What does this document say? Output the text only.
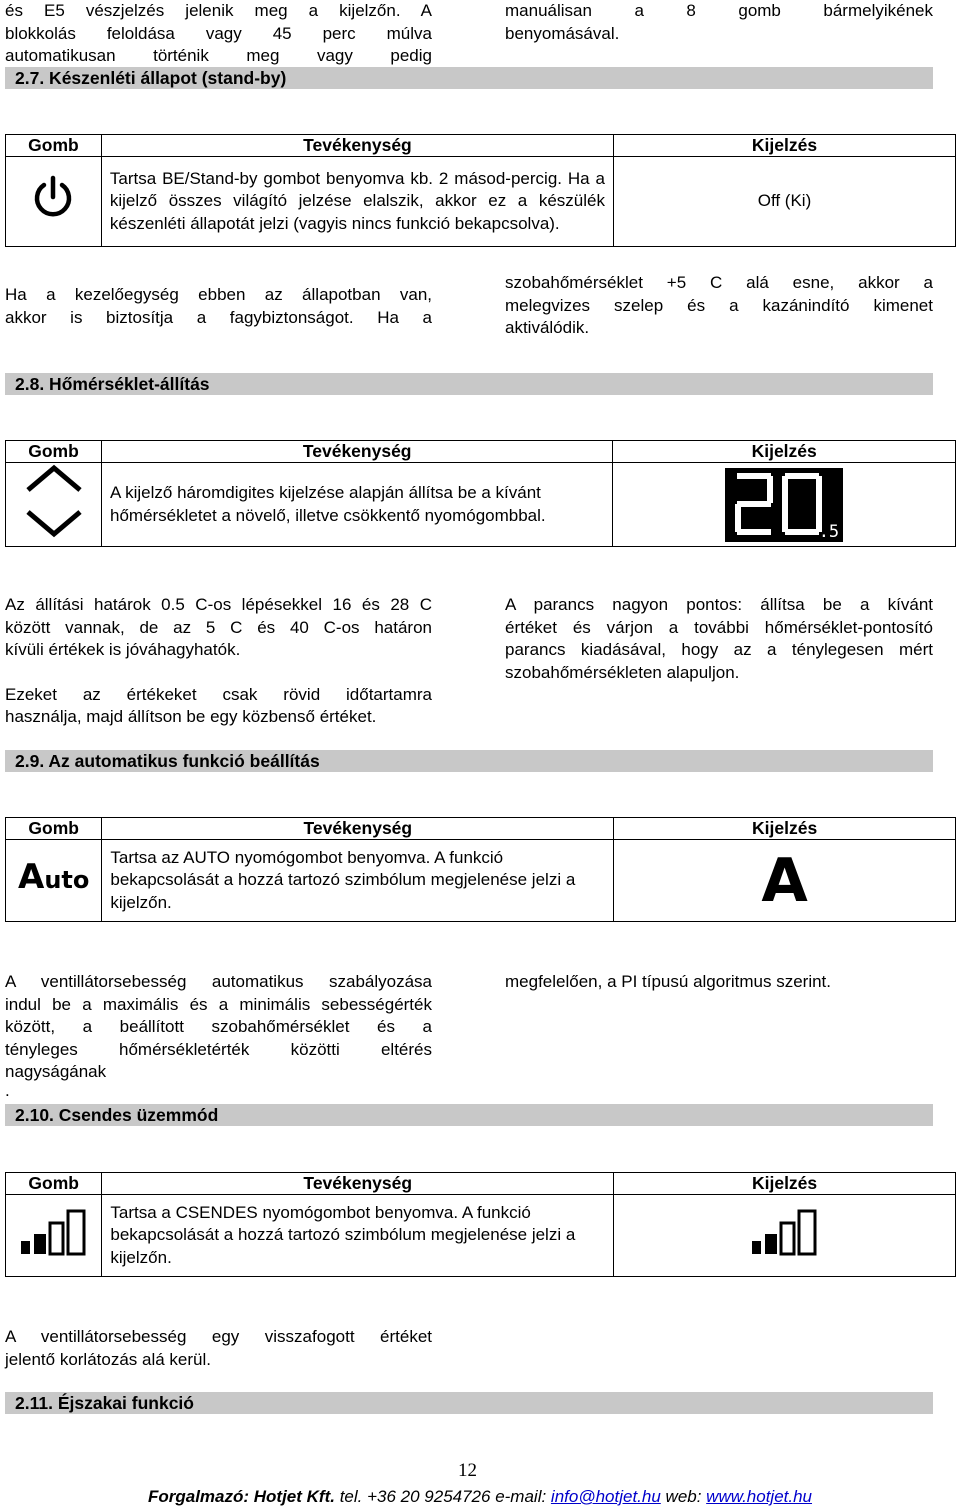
és E5 vészjelzés jelenik meg a kijelzőn. A
blokkolás feloldása vagy 45 perc múlva
automatikusan történik meg vagy pedig
manuálisan a 8 gomb bármelyikének
benyomásával.
2.7. Készenléti állapot (stand-by)
Gomb	Tevékenység	Kijelzés
	Tartsa BE/Stand-by gombot benyomva kb. 2 másod-percig. Ha a kijelző összes világító jelzése elalszik, akkor ez a készülék készenléti állapotát jelzi (vagyis nincs funkció bekapcsolva).	Off (Ki)
Ha a kezelőegység ebben az állapotban van,
akkor is biztosítja a fagybiztonságot. Ha a
szobahőmérséklet +5 C alá esne, akkor a
melegvizes szelep és a kazánindító kimenet
aktiválódik.
2.8. Hőmérséklet-állítás
Gomb	Tevékenység	Kijelzés
	A kijelző háromdigites kijelzése alapján állítsa be a kívánt hőmérsékletet a növelő, illetve csökkentő nyomógombbal.	.5
Az állítási határok 0.5 C-os lépésekkel 16 és 28 C
között vannak, de az 5 C és 40 C-os határon
kívüli értékek is jóváhagyhatók.
Ezeket az értékeket csak rövid időtartamra
használja, majd állítson be egy közbenső értéket.
A parancs nagyon pontos: állítsa be a kívánt
értéket és várjon a további hőmérséklet-pontosító
parancs kiadásával, hogy az a ténylegesen mért
szobahőmérsékleten alapuljon.
2.9. Az automatikus funkció beállítás
Gomb	Tevékenység	Kijelzés
Auto	Tartsa az AUTO nyomógombot benyomva. A funkció bekapcsolását a hozzá tartozó szimbólum megjelenése jelzi a kijelzőn.	A
A ventillátorsebesség automatikus szabályozása
indul be a maximális és a minimális sebességérték
között, a beállított szobahőmérséklet és a
tényleges hőmérsékletérték közötti eltérés
nagyságának
.
megfelelően, a PI típusú algoritmus szerint.
2.10. Csendes üzemmód
Gomb	Tevékenység	Kijelzés
	Tartsa a CSENDES nyomógombot benyomva. A funkció bekapcsolását a hozzá tartozó szimbólum megjelenése jelzi a kijelzőn.	
A ventillátorsebesség egy visszafogott értéket
jelentő korlátozás alá kerül.
2.11. Éjszakai funkció
12
Forgalmazó: Hotjet Kft. tel. +36 20 9254726 e-mail: info@hotjet.hu web: www.hotjet.hu
